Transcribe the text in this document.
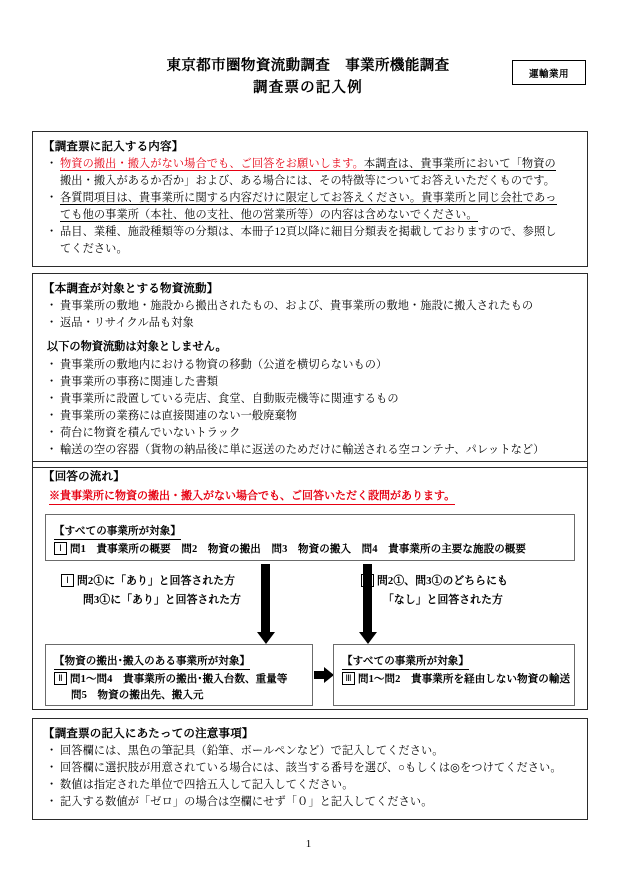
東京都市圏物資流動調査　事業所機能調査
調査票の記入例
運輸業用
【調査票に記入する内容】
・ 物資の搬出・搬入がない場合でも、ご回答をお願いします。本調査は、貴事業所において「物資の
搬出・搬入があるか否か」および、ある場合には、その特徴等についてお答えいただくものです。
・ 各質問項目は、貴事業所に関する内容だけに限定してお答えください。貴事業所と同じ会社であっ
ても他の事業所（本社、他の支社、他の営業所等）の内容は含めないでください。
・ 品目、業種、施設種類等の分類は、本冊子12頁以降に細目分類表を掲載しておりますので、参照し
てください。
【本調査が対象とする物資流動】
・ 貴事業所の敷地・施設から搬出されたもの、および、貴事業所の敷地・施設に搬入されたもの
・ 返品・リサイクル品も対象
以下の物資流動は対象としません。
・ 貴事業所の敷地内における物資の移動（公道を横切らないもの）
・ 貴事業所の事務に関連した書類
・ 貴事業所に設置している売店、食堂、自動販売機等に関連するもの
・ 貴事業所の業務には直接関連のない一般廃棄物
・ 荷台に物資を積んでいないトラック
・ 輸送の空の容器（貨物の納品後に単に返送のためだけに輸送される空コンテナ、パレットなど）
【回答の流れ】
※貴事業所に物資の搬出・搬入がない場合でも、ご回答いただく設問があります。
【すべての事業所が対象】
Ⅰ 問1　貴事業所の概要　問2　物資の搬出　問3　物資の搬入　問4　貴事業所の主要な施設の概要
Ⅰ 問2①に「あり」と回答された方
問3①に「あり」と回答された方
Ⅰ 問2①、問3①のどちらにも
「なし」と回答された方
【物資の搬出･搬入のある事業所が対象】
Ⅱ 問1〜問4　貴事業所の搬出･搬入台数、重量等
問5　物資の搬出先、搬入元
【すべての事業所が対象】
Ⅲ 問1〜問2　貴事業所を経由しない物資の輸送
【調査票の記入にあたっての注意事項】
・ 回答欄には、黒色の筆記具（鉛筆、ボールペンなど）で記入してください。
・ 回答欄に選択肢が用意されている場合には、該当する番号を選び、○もしくは◎をつけてください。
・ 数値は指定された単位で四捨五入して記入してください。
・ 記入する数値が「ゼロ」の場合は空欄にせず「０」と記入してください。
1
